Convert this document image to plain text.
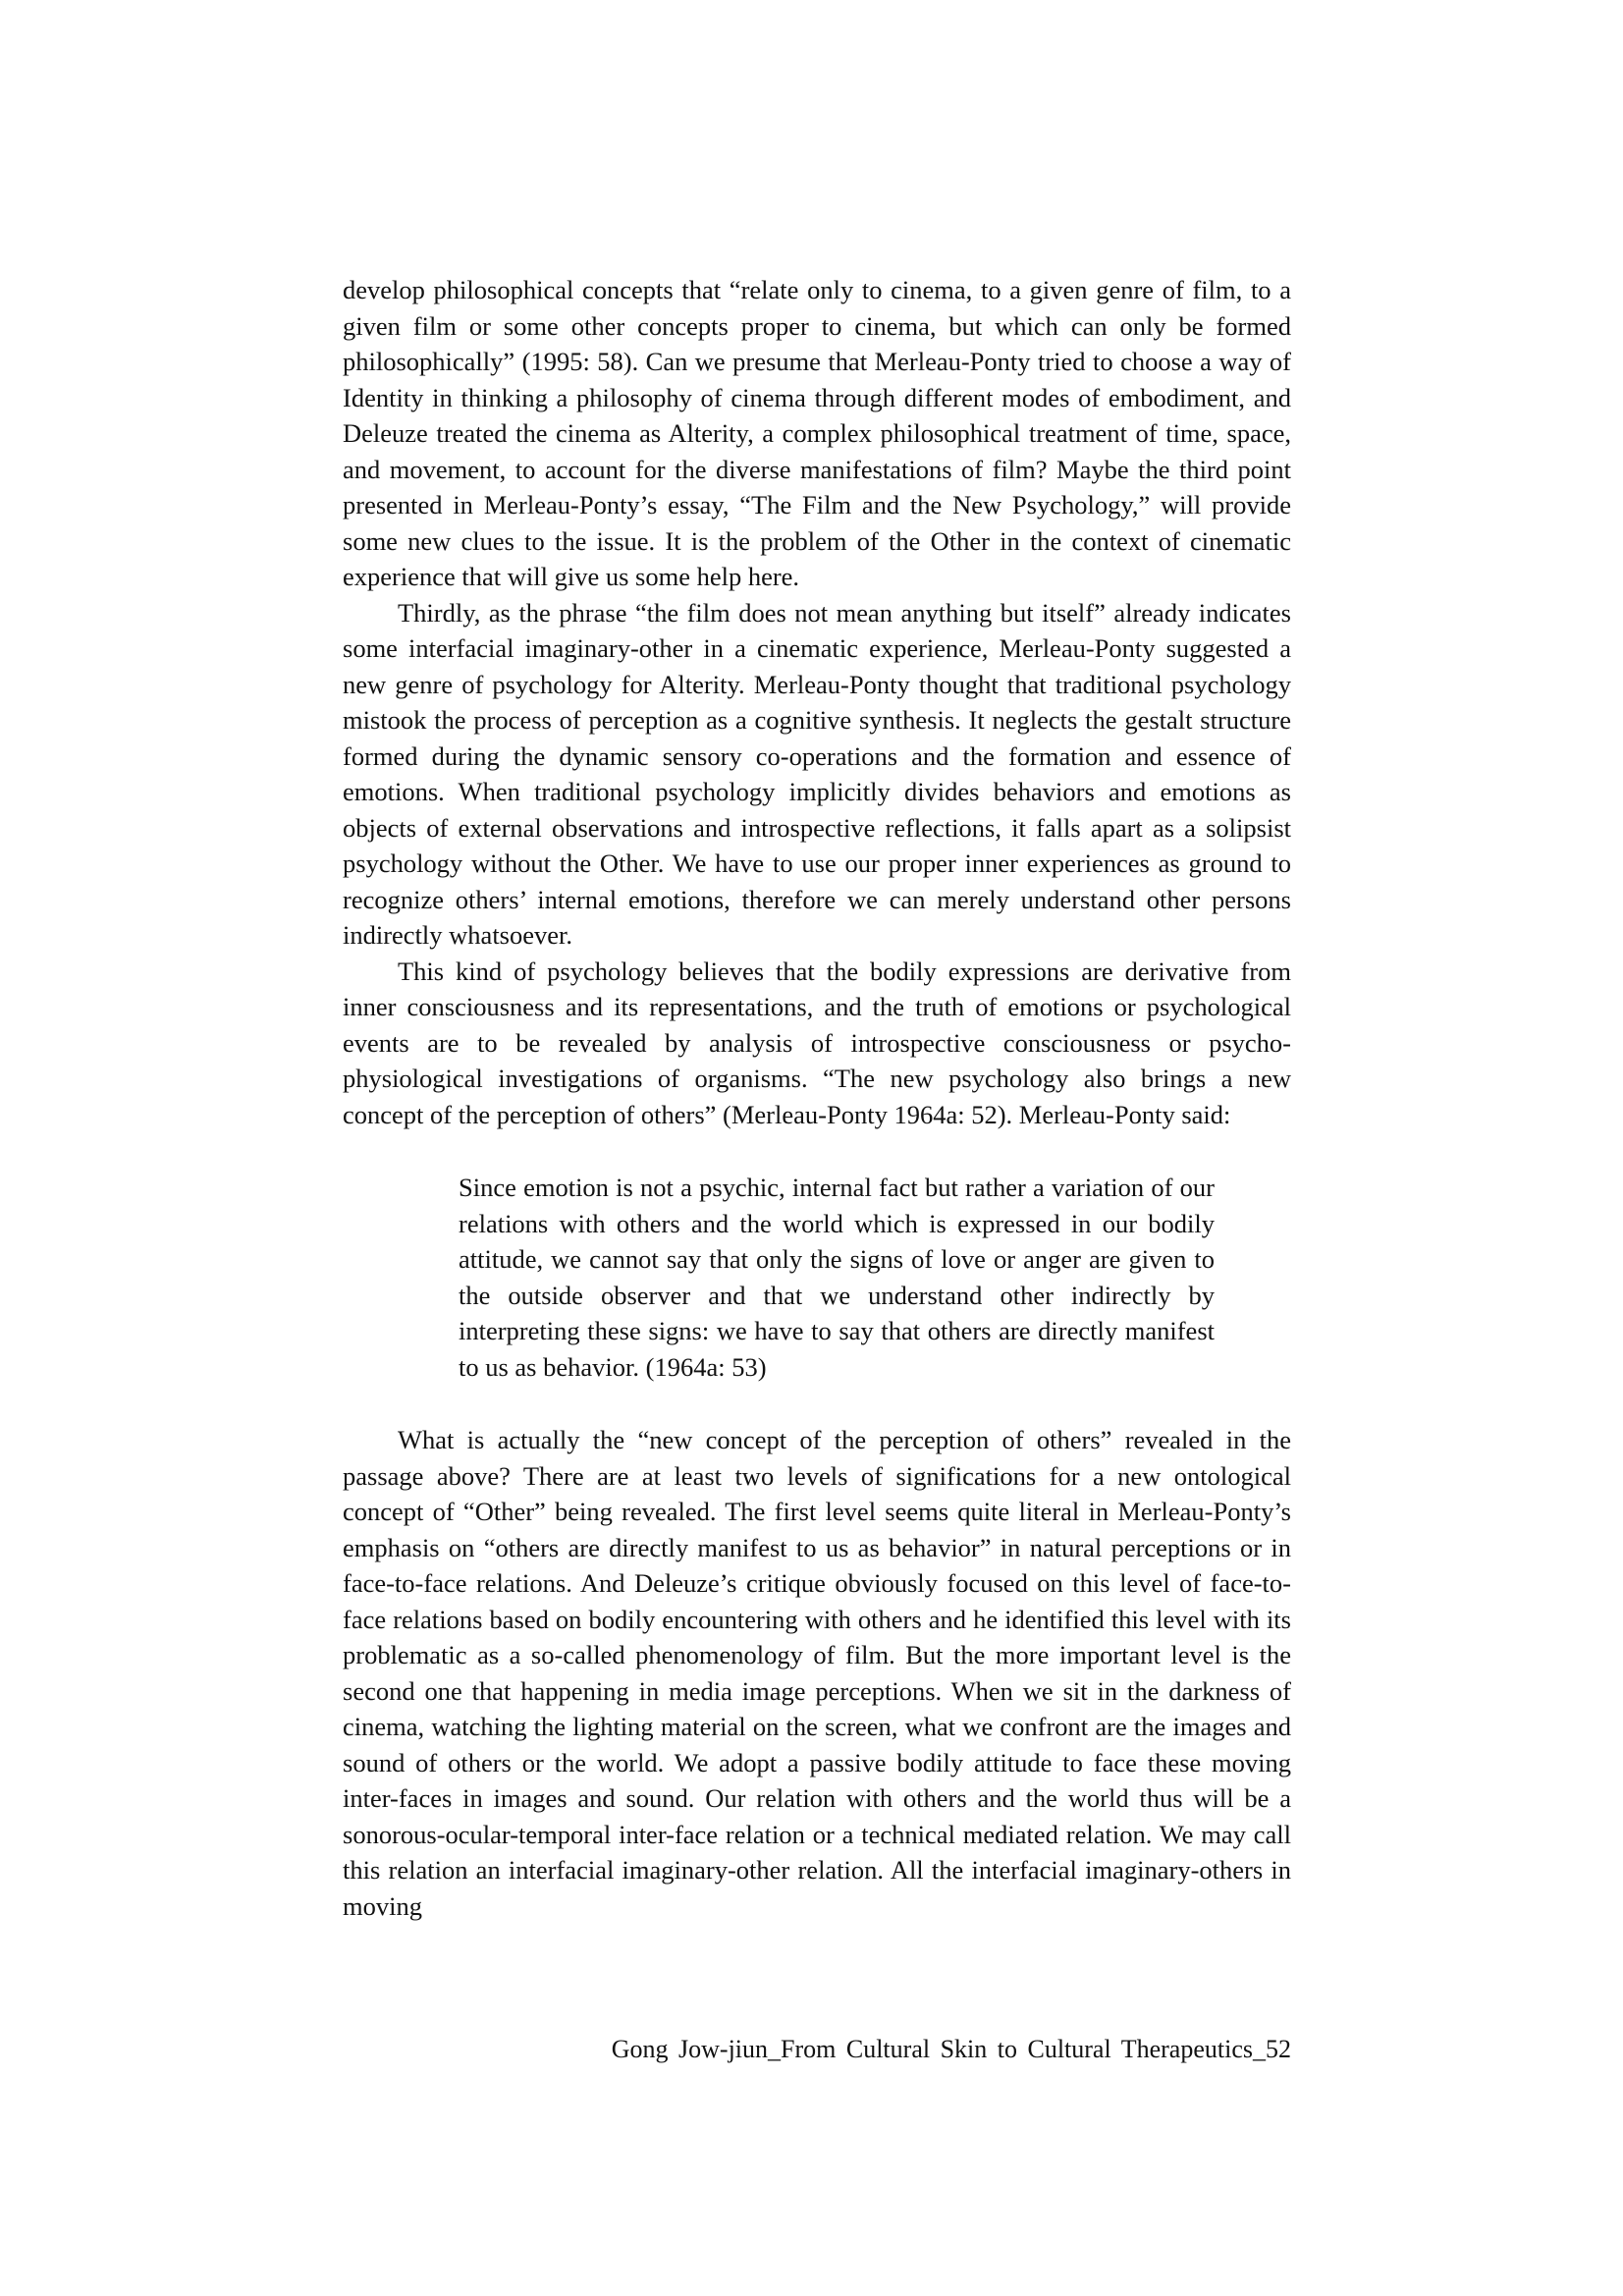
develop philosophical concepts that “relate only to cinema, to a given genre of film, to a given film or some other concepts proper to cinema, but which can only be formed philosophically” (1995: 58). Can we presume that Merleau-Ponty tried to choose a way of Identity in thinking a philosophy of cinema through different modes of embodiment, and Deleuze treated the cinema as Alterity, a complex philosophical treatment of time, space, and movement, to account for the diverse manifestations of film? Maybe the third point presented in Merleau-Ponty’s essay, “The Film and the New Psychology,” will provide some new clues to the issue. It is the problem of the Other in the context of cinematic experience that will give us some help here.

Thirdly, as the phrase “the film does not mean anything but itself” already indicates some interfacial imaginary-other in a cinematic experience, Merleau-Ponty suggested a new genre of psychology for Alterity. Merleau-Ponty thought that traditional psychology mistook the process of perception as a cognitive synthesis. It neglects the gestalt structure formed during the dynamic sensory co-operations and the formation and essence of emotions. When traditional psychology implicitly divides behaviors and emotions as objects of external observations and introspective reflections, it falls apart as a solipsist psychology without the Other. We have to use our proper inner experiences as ground to recognize others’ internal emotions, therefore we can merely understand other persons indirectly whatsoever.

This kind of psychology believes that the bodily expressions are derivative from inner consciousness and its representations, and the truth of emotions or psychological events are to be revealed by analysis of introspective consciousness or psycho-physiological investigations of organisms. “The new psychology also brings a new concept of the perception of others” (Merleau-Ponty 1964a: 52). Merleau-Ponty said:

Since emotion is not a psychic, internal fact but rather a variation of our relations with others and the world which is expressed in our bodily attitude, we cannot say that only the signs of love or anger are given to the outside observer and that we understand other indirectly by interpreting these signs: we have to say that others are directly manifest to us as behavior. (1964a: 53)

What is actually the “new concept of the perception of others” revealed in the passage above? There are at least two levels of significations for a new ontological concept of “Other” being revealed. The first level seems quite literal in Merleau-Ponty’s emphasis on “others are directly manifest to us as behavior” in natural perceptions or in face-to-face relations. And Deleuze’s critique obviously focused on this level of face-to-face relations based on bodily encountering with others and he identified this level with its problematic as a so-called phenomenology of film. But the more important level is the second one that happening in media image perceptions. When we sit in the darkness of cinema, watching the lighting material on the screen, what we confront are the images and sound of others or the world. We adopt a passive bodily attitude to face these moving inter-faces in images and sound. Our relation with others and the world thus will be a sonorous-ocular-temporal inter-face relation or a technical mediated relation. We may call this relation an interfacial imaginary-other relation. All the interfacial imaginary-others in moving

Gong Jow-jiun_From Cultural Skin to Cultural Therapeutics_52
